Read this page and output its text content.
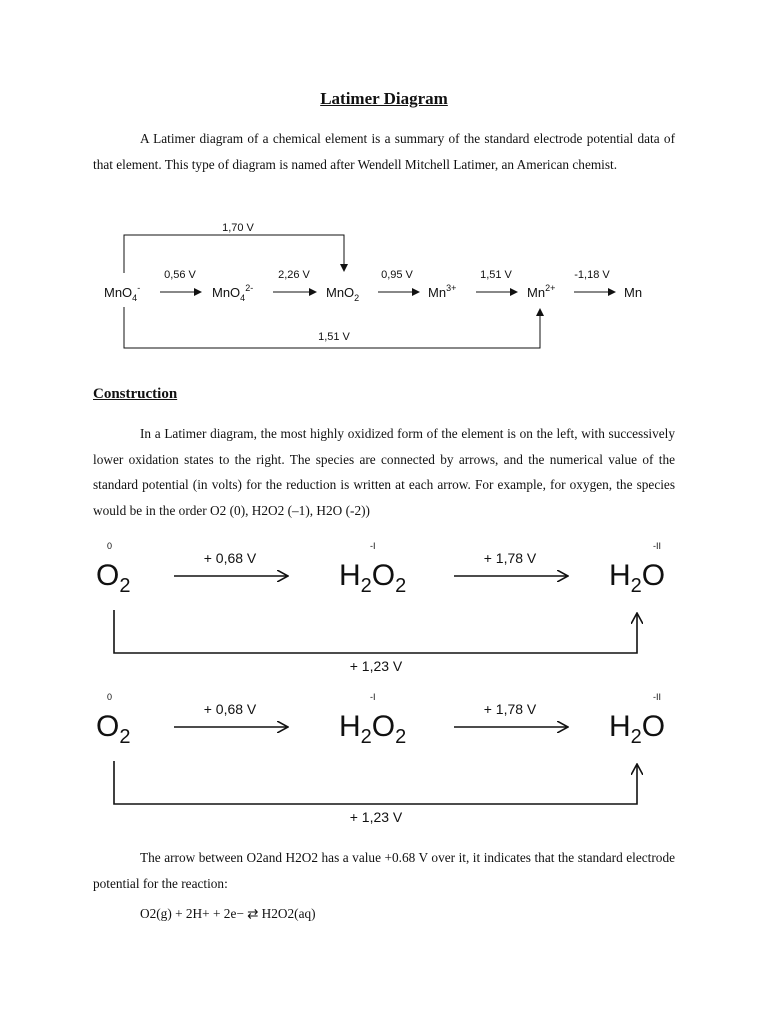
Latimer Diagram
A Latimer diagram of a chemical element is a summary of the standard electrode potential data of that element. This type of diagram is named after Wendell Mitchell Latimer, an American chemist.
1,70 V
1,51 V
MnO$_4$-	MnO$_4^{2-}$	MnO$_2$	$Mn^{3+}$	$Mn^{2+}$	Mn
0,56 V	2,26 V	0,95 V	1,51 V	-1,18 V
Construction
In a Latimer diagram, the most highly oxidized form of the element is on the left, with successively lower oxidation states to the right. The species are connected by arrows, and the numerical value of the standard potential (in volts) for the reduction is written at each arrow. For example, for oxygen, the species would be in the order O2 (0), H2O2 (–1), H2O (-2))
0	-I	-II
$O_2$	$H_2O_2$	$H_2O$
+ 0,68 V	+ 1,78 V
+ 1,23 V
0	-I	-II
$O_2$	$H_2O_2$	$H_2O$
+ 0,68 V	+ 1,78 V
+ 1,23 V
The arrow between O2and H2O2 has a value +0.68 V over it, it indicates that the standard electrode potential for the reaction:
O2(g) + 2H+ + 2e− ⇄ H2O2(aq)
